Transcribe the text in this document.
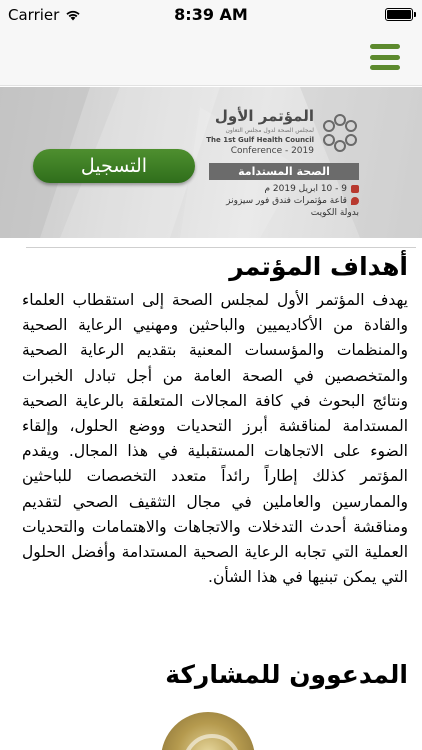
Carrier	8:39 AM
التسجيل
المؤتمر الأول
لمجلس الصحة لدول مجلس التعاون
The 1st Gulf Health Council
Conference - 2019
الصحة المستدامة
9 - 10 ابريل 2019 م
قاعة مؤتمرات فندق فور سيزونز
بدولة الكويت
أهداف المؤتمر
يهدف المؤتمر الأول لمجلس الصحة إلى استقطاب العلماء والقادة من الأكاديميين والباحثين ومهنيي الرعاية الصحية والمنظمات والمؤسسات المعنية بتقديم الرعاية الصحية والمتخصصين في الصحة العامة من أجل تبادل الخبرات ونتائج البحوث في كافة المجالات المتعلقة بالرعاية الصحية المستدامة لمناقشة أبرز التحديات ووضع الحلول، وإلقاء الضوء على الاتجاهات المستقبلية في هذا المجال. ويقدم المؤتمر كذلك إطاراً رائداً متعدد التخصصات للباحثين والممارسين والعاملين في مجال التثقيف الصحي لتقديم ومناقشة أحدث التدخلات والاتجاهات والاهتمامات والتحديات العملية التي تجابه الرعاية الصحية المستدامة وأفضل الحلول التي يمكن تبنيها في هذا الشأن.
المدعوون للمشاركة
